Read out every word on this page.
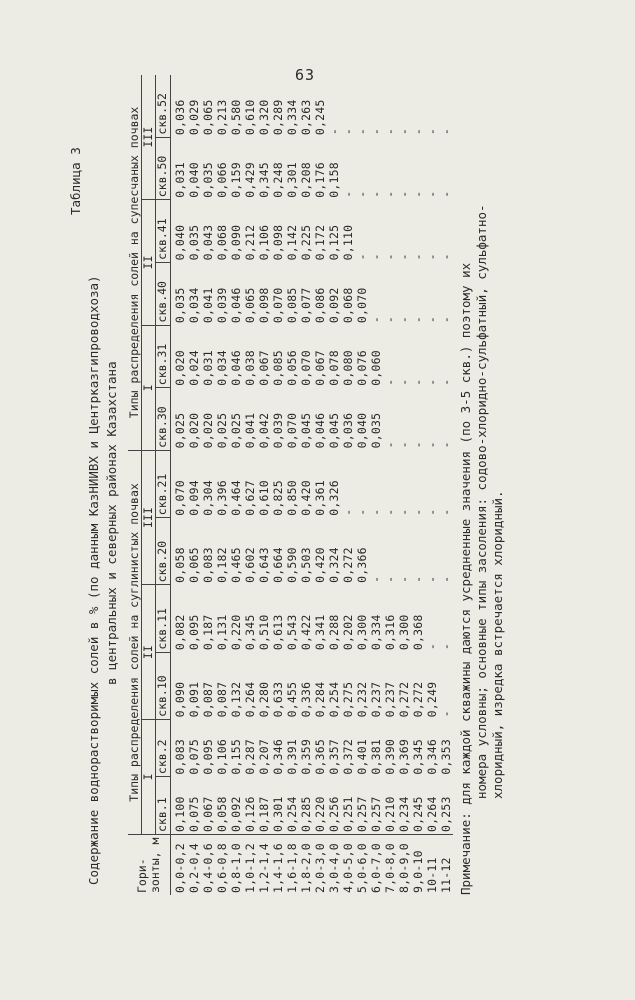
63
Таблица 3
Содержание воднорастворимых солей в % (по данным КазНИИВХ и Центрказгипроводхоза) в центральных и северных районах Казахстана
Гори-зонты, м	Типы распределения солей на суглинистых почвах						Типы распределения солей на супесчаных почвах					
	I		II		III		I		II		III	
	скв.1	скв.2	скв.10	скв.11	скв.20	скв.21	скв.30	скв.31	скв.40	скв.41	скв.50	скв.52
0,0-0,2	0,100	0,083	0,090	0,082	0,058	0,070	0,025	0,020	0,035	0,040	0,031	0,036
0,2-0,4	0,075	0,075	0,091	0,095	0,065	0,094	0,020	0,024	0,034	0,035	0,040	0,029
0,4-0,6	0,067	0,095	0,087	0,187	0,083	0,304	0,020	0,031	0,041	0,043	0,035	0,065
0,6-0,8	0,058	0,106	0,087	0,131	0,182	0,396	0,025	0,034	0,039	0,068	0,066	0,213
0,8-1,0	0,092	0,155	0,132	0,220	0,465	0,464	0,025	0,046	0,046	0,090	0,159	0,580
1,0-1,2	0,126	0,287	0,264	0,345	0,602	0,627	0,041	0,038	0,065	0,212	0,429	0,610
1,2-1,4	0,187	0,207	0,280	0,510	0,643	0,610	0,042	0,067	0,098	0,106	0,345	0,320
1,4-1,6	0,301	0,346	0,633	0,613	0,664	0,825	0,039	0,085	0,070	0,098	0,248	0,289
1,6-1,8	0,254	0,391	0,455	0,543	0,590	0,850	0,070	0,056	0,085	0,142	0,301	0,334
1,8-2,0	0,285	0,359	0,336	0,422	0,503	0,420	0,045	0,070	0,077	0,225	0,208	0,263
2,0-3,0	0,220	0,365	0,284	0,341	0,420	0,361	0,046	0,067	0,086	0,172	0,176	0,245
3,0-4,0	0,256	0,357	0,254	0,288	0,324	0,326	0,045	0,078	0,092	0,125	0,158	-
4,0-5,0	0,251	0,372	0,275	0,202	0,272	-	0,036	0,080	0,068	0,110	-	-
5,0-6,0	0,257	0,401	0,232	0,300	0,366	-	0,040	0,076	0,070	-	-	-
6,0-7,0	0,257	0,381	0,237	0,334	-	-	0,035	0,060	-	-	-	-
7,0-8,0	0,210	0,390	0,237	0,316	-	-	-	-	-	-	-	-
8,0-9,0	0,234	0,369	0,272	0,300	-	-	-	-	-	-	-	-
9,0-10	0,245	0,345	0,272	0,368	-	-	-	-	-	-	-	-
10-11	0,264	0,346	0,249	-	-	-	-	-	-	-	-	-
11-12	0,253	0,353	-	-	-	-	-	-	-	-	-	-

Примечание: для каждой скважины даются усредненные значения (по 3-5 скв.) поэтому их номера условны; основные типы засоления: содово-хлоридно-сульфатный, сульфатно- хлоридный, изредка встречается хлоридный.
